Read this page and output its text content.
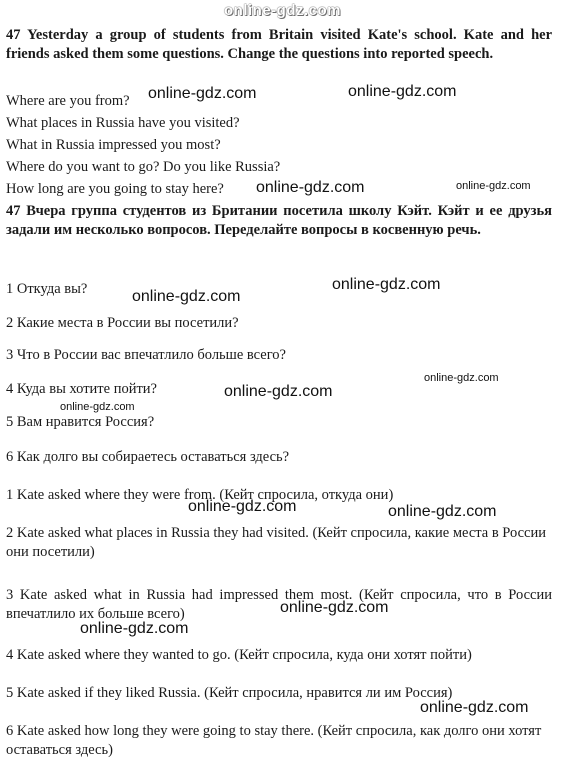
online-gdz.com
47 Yesterday a group of students from Britain visited Kate's school. Kate and her friends asked them some questions. Change the questions into reported speech.
Where are you from?
What places in Russia have you visited?
What in Russia impressed you most?
Where do you want to go? Do you like Russia?
How long are you going to stay here?
47 Вчера группа студентов из Британии посетила школу Кэйт. Кэйт и ее друзья задали им несколько вопросов. Переделайте вопросы в косвенную речь.
1 Откуда вы?
2 Какие места в России вы посетили?
3 Что в России вас впечатлило больше всего?
4 Куда вы хотите пойти?
5 Вам нравится Россия?
6 Как долго вы собираетесь оставаться здесь?
1 Kate asked where they were from. (Кейт спросила, откуда они)
2 Kate asked what places in Russia they had visited. (Кейт спросила, какие места в России они посетили)
3 Kate asked what in Russia had impressed them most. (Кейт спросила, что в России впечатлило их больше всего)
4 Kate asked where they wanted to go. (Кейт спросила, куда они хотят пойти)
5 Kate asked if they liked Russia. (Кейт спросила, нравится ли им Россия)
6 Kate asked how long they were going to stay there. (Кейт спросила, как долго они хотят оставаться здесь)
online-gdz.com	online-gdz.com
online-gdz.com	online-gdz.com
online-gdz.com
online-gdz.com
online-gdz.com
online-gdz.com
online-gdz.com
online-gdz.com	online-gdz.com
online-gdz.com
online-gdz.com
online-gdz.com
